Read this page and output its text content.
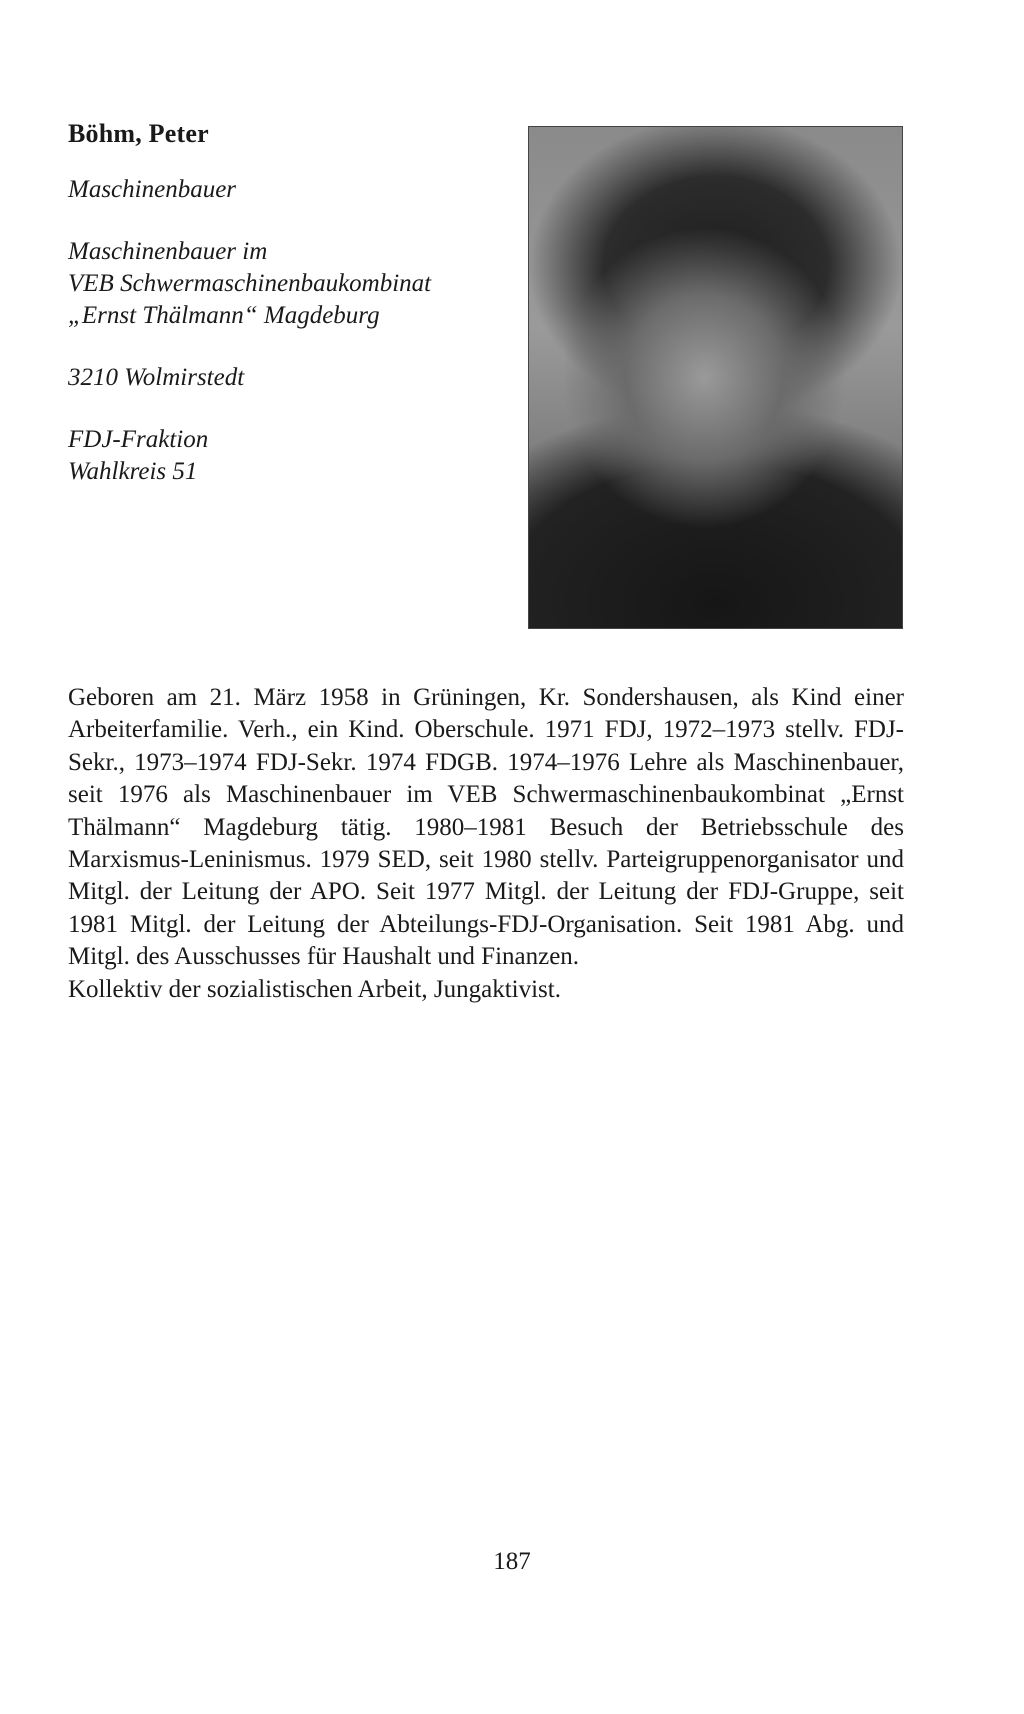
Böhm, Peter
Maschinenbauer
Maschinenbauer im
VEB Schwermaschinenbaukombinat
„Ernst Thälmann“ Magdeburg
3210 Wolmirstedt
FDJ-Fraktion
Wahlkreis 51

Geboren am 21. März 1958 in Grüningen, Kr. Sondershausen, als Kind einer Arbeiterfamilie. Verh., ein Kind. Oberschule. 1971 FDJ, 1972–1973 stellv. FDJ-Sekr., 1973–1974 FDJ-Sekr. 1974 FDGB. 1974–1976 Lehre als Maschinenbauer, seit 1976 als Maschinenbauer im VEB Schwermaschinenbaukombinat „Ernst Thälmann“ Magdeburg tätig. 1980–1981 Besuch der Betriebsschule des Marxismus-Leninismus. 1979 SED, seit 1980 stellv. Parteigruppenorganisator und Mitgl. der Leitung der APO. Seit 1977 Mitgl. der Leitung der FDJ-Gruppe, seit 1981 Mitgl. der Leitung der Abteilungs-FDJ-Organisation. Seit 1981 Abg. und Mitgl. des Ausschusses für Haushalt und Finanzen.

Kollektiv der sozialistischen Arbeit, Jungaktivist.

187
